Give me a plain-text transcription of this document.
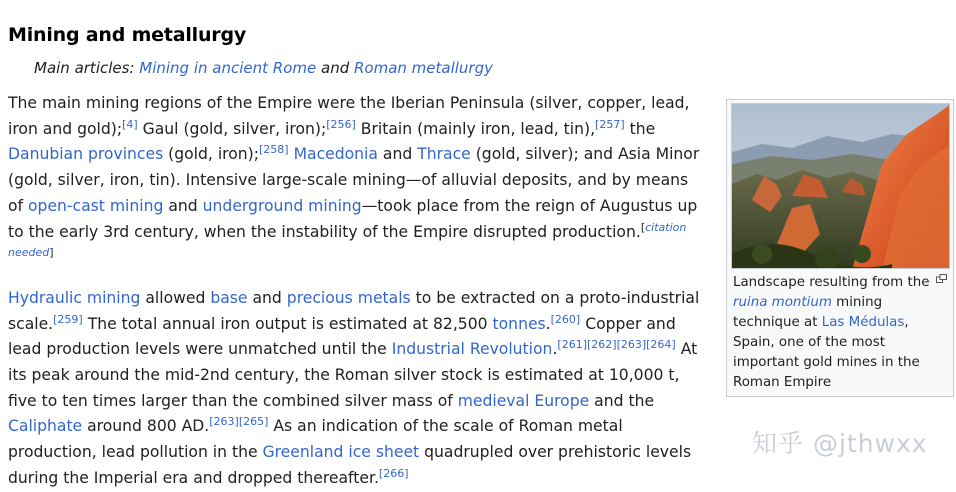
Mining and metallurgy
Main articles: Mining in ancient Rome and Roman metallurgy

The main mining regions of the Empire were the Iberian Peninsula (silver, copper, lead, iron and gold);[4] Gaul (gold, silver, iron);[256] Britain (mainly iron, lead, tin),[257] the Danubian provinces (gold, iron);[258] Macedonia and Thrace (gold, silver); and Asia Minor (gold, silver, iron, tin). Intensive large-scale mining—of alluvial deposits, and by means of open-cast mining and underground mining—took place from the reign of Augustus up to the early 3rd century, when the instability of the Empire disrupted production.[citation needed]

Hydraulic mining allowed base and precious metals to be extracted on a proto-industrial scale.[259] The total annual iron output is estimated at 82,500 tonnes.[260] Copper and lead production levels were unmatched until the Industrial Revolution.[261][262][263][264] At its peak around the mid-2nd century, the Roman silver stock is estimated at 10,000 t, five to ten times larger than the combined silver mass of medieval Europe and the Caliphate around 800 AD.[263][265] As an indication of the scale of Roman metal production, lead pollution in the Greenland ice sheet quadrupled over prehistoric levels during the Imperial era and dropped thereafter.[266]

Landscape resulting from the ruina montium mining technique at Las Médulas, Spain, one of the most important gold mines in the Roman Empire
知乎 @jthwxx
